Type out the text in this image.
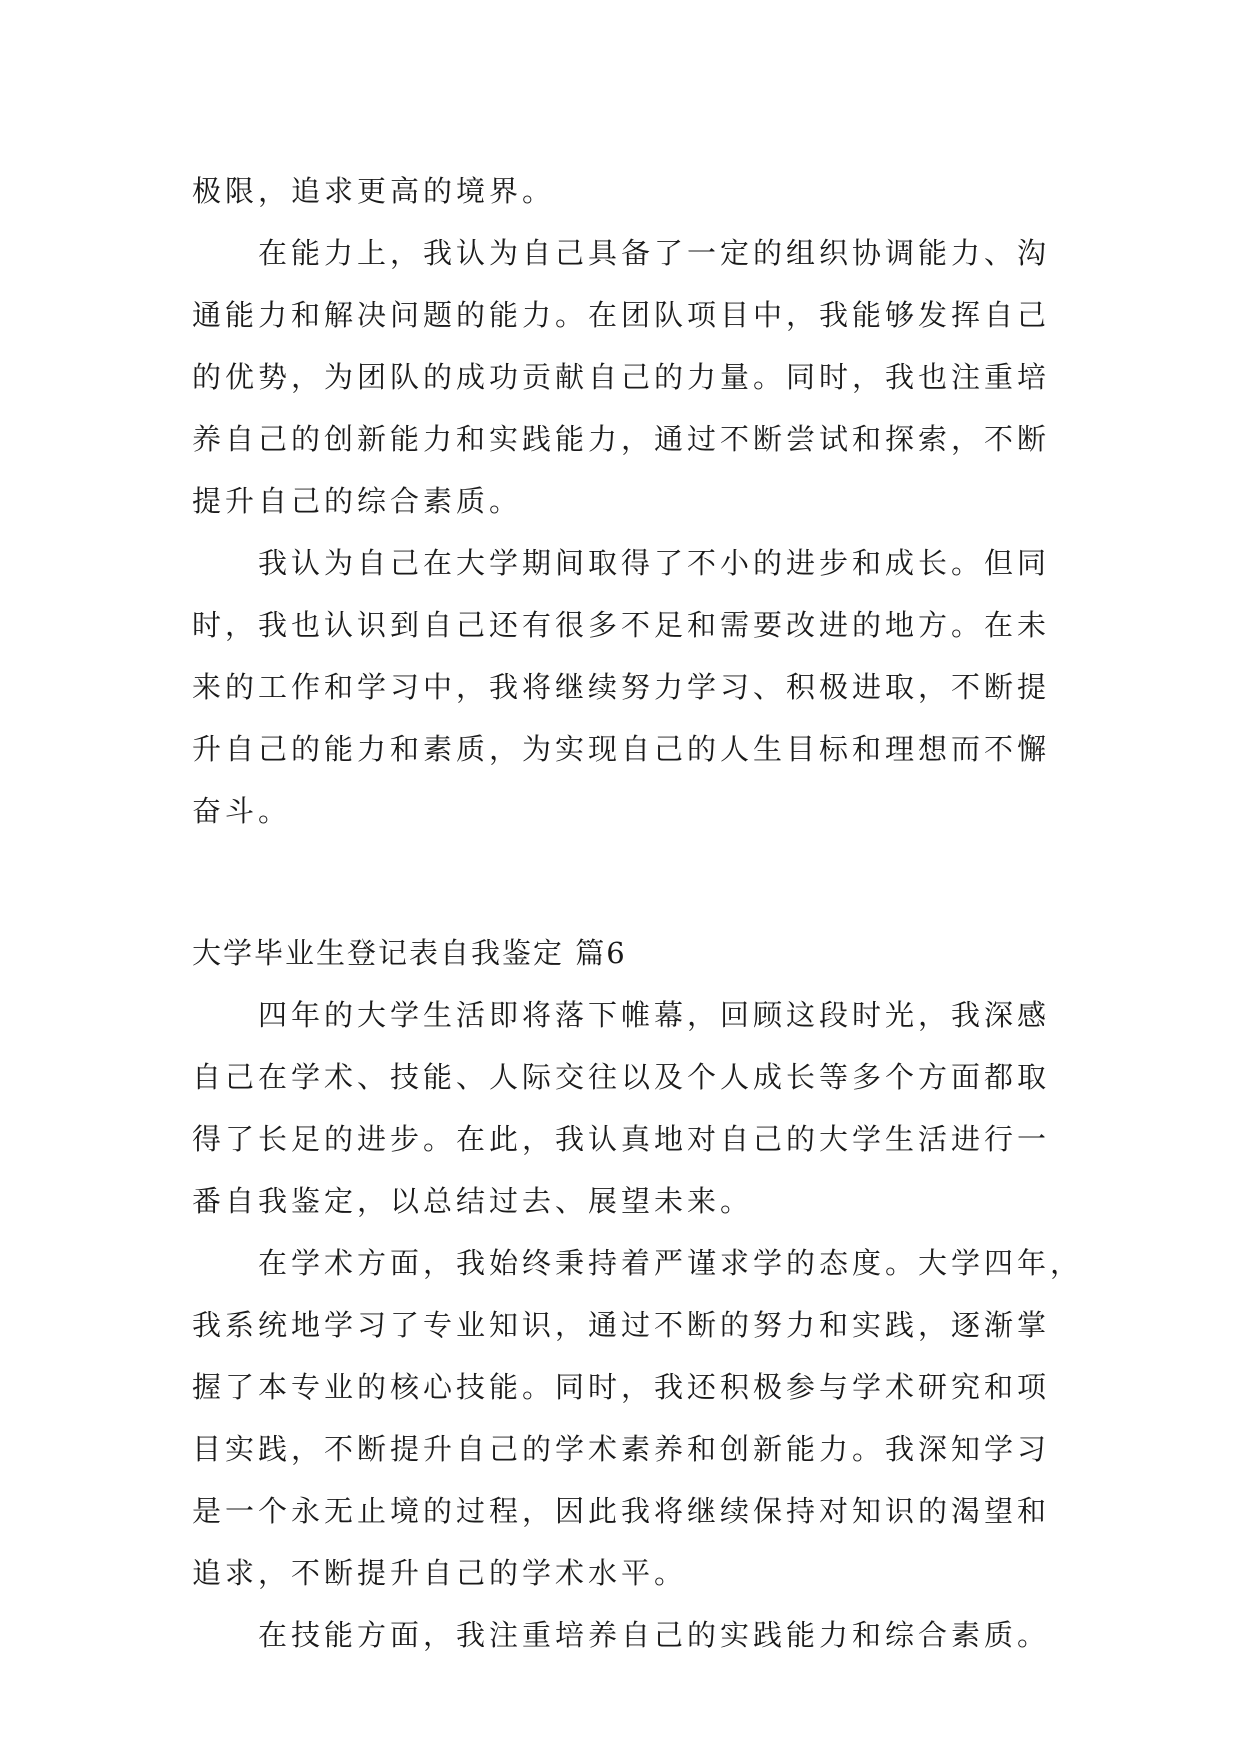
极限，追求更高的境界。
在能力上，我认为自己具备了一定的组织协调能力、沟
通能力和解决问题的能力。在团队项目中，我能够发挥自己
的优势，为团队的成功贡献自己的力量。同时，我也注重培
养自己的创新能力和实践能力，通过不断尝试和探索，不断
提升自己的综合素质。
我认为自己在大学期间取得了不小的进步和成长。但同
时，我也认识到自己还有很多不足和需要改进的地方。在未
来的工作和学习中，我将继续努力学习、积极进取，不断提
升自己的能力和素质，为实现自己的人生目标和理想而不懈
奋斗。
大学毕业生登记表自我鉴定 篇6
四年的大学生活即将落下帷幕，回顾这段时光，我深感
自己在学术、技能、人际交往以及个人成长等多个方面都取
得了长足的进步。在此，我认真地对自己的大学生活进行一
番自我鉴定，以总结过去、展望未来。
在学术方面，我始终秉持着严谨求学的态度。大学四年，
我系统地学习了专业知识，通过不断的努力和实践，逐渐掌
握了本专业的核心技能。同时，我还积极参与学术研究和项
目实践，不断提升自己的学术素养和创新能力。我深知学习
是一个永无止境的过程，因此我将继续保持对知识的渴望和
追求，不断提升自己的学术水平。
在技能方面，我注重培养自己的实践能力和综合素质。
